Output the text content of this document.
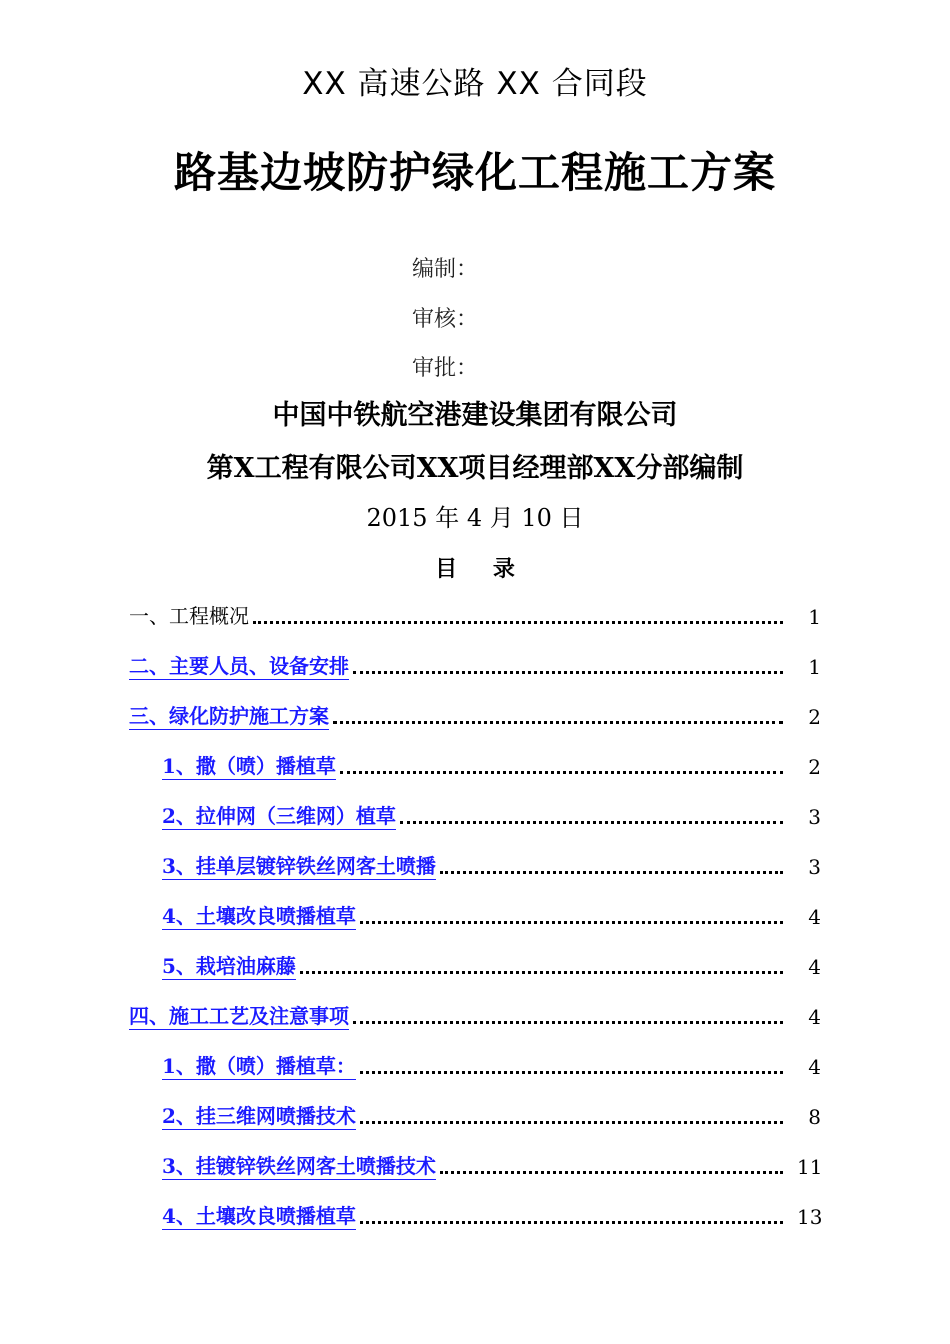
XX 高速公路 XX 合同段
路基边坡防护绿化工程施工方案
编制：
审核：
审批：
中国中铁航空港建设集团有限公司
第X工程有限公司XX项目经理部XX分部编制
2015 年 4 月 10 日
目 录
一、工程概况	1
二、主要人员、设备安排	1
三、绿化防护施工方案	2
1、撒（喷）播植草	2
2、拉伸网（三维网）植草	3
3、挂单层镀锌铁丝网客土喷播	3
4、土壤改良喷播植草	4
5、栽培油麻藤	4
四、施工工艺及注意事项	4
1、撒（喷）播植草：	4
2、挂三维网喷播技术	8
3、挂镀锌铁丝网客土喷播技术	11
4、土壤改良喷播植草	13
